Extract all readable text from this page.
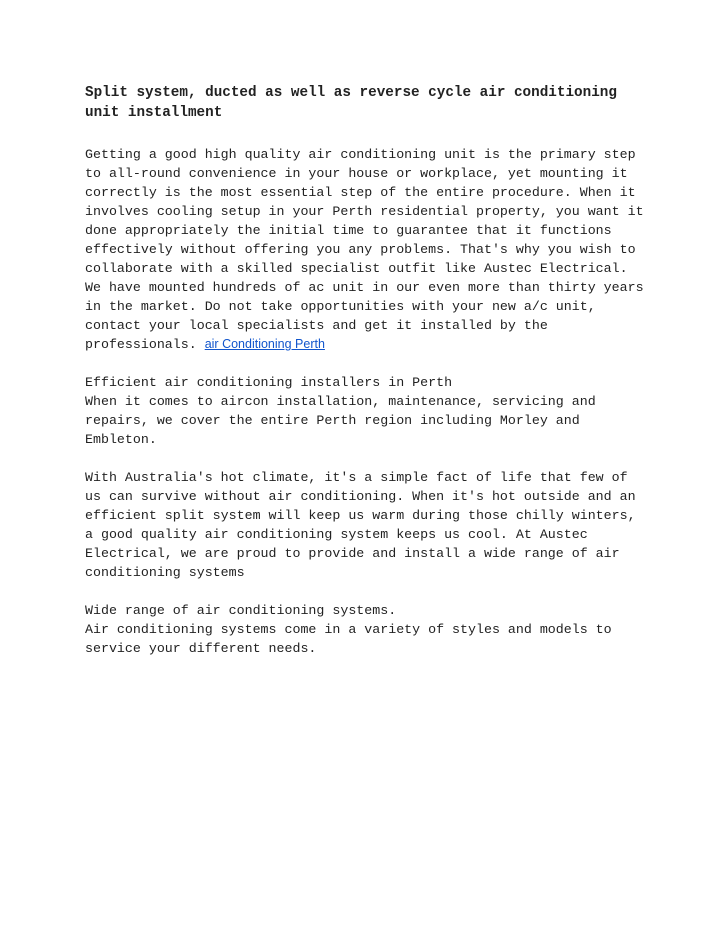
Split system, ducted as well as reverse cycle air conditioning
unit installment
Getting a good high quality air conditioning unit is the primary step
to all-round convenience in your house or workplace, yet mounting it
correctly is the most essential step of the entire procedure. When it
involves cooling setup in your Perth residential property, you want it
done appropriately the initial time to guarantee that it functions
effectively without offering you any problems. That's why you wish to
collaborate with a skilled specialist outfit like Austec Electrical.
We have mounted hundreds of ac unit in our even more than thirty years
in the market. Do not take opportunities with your new a/c unit,
contact your local specialists and get it installed by the
professionals. air Conditioning Perth
Efficient air conditioning installers in Perth
When it comes to aircon installation, maintenance, servicing and
repairs, we cover the entire Perth region including Morley and
Embleton.
With Australia's hot climate, it's a simple fact of life that few of
us can survive without air conditioning. When it's hot outside and an
efficient split system will keep us warm during those chilly winters,
a good quality air conditioning system keeps us cool. At Austec
Electrical, we are proud to provide and install a wide range of air
conditioning systems
Wide range of air conditioning systems.
Air conditioning systems come in a variety of styles and models to
service your different needs.
